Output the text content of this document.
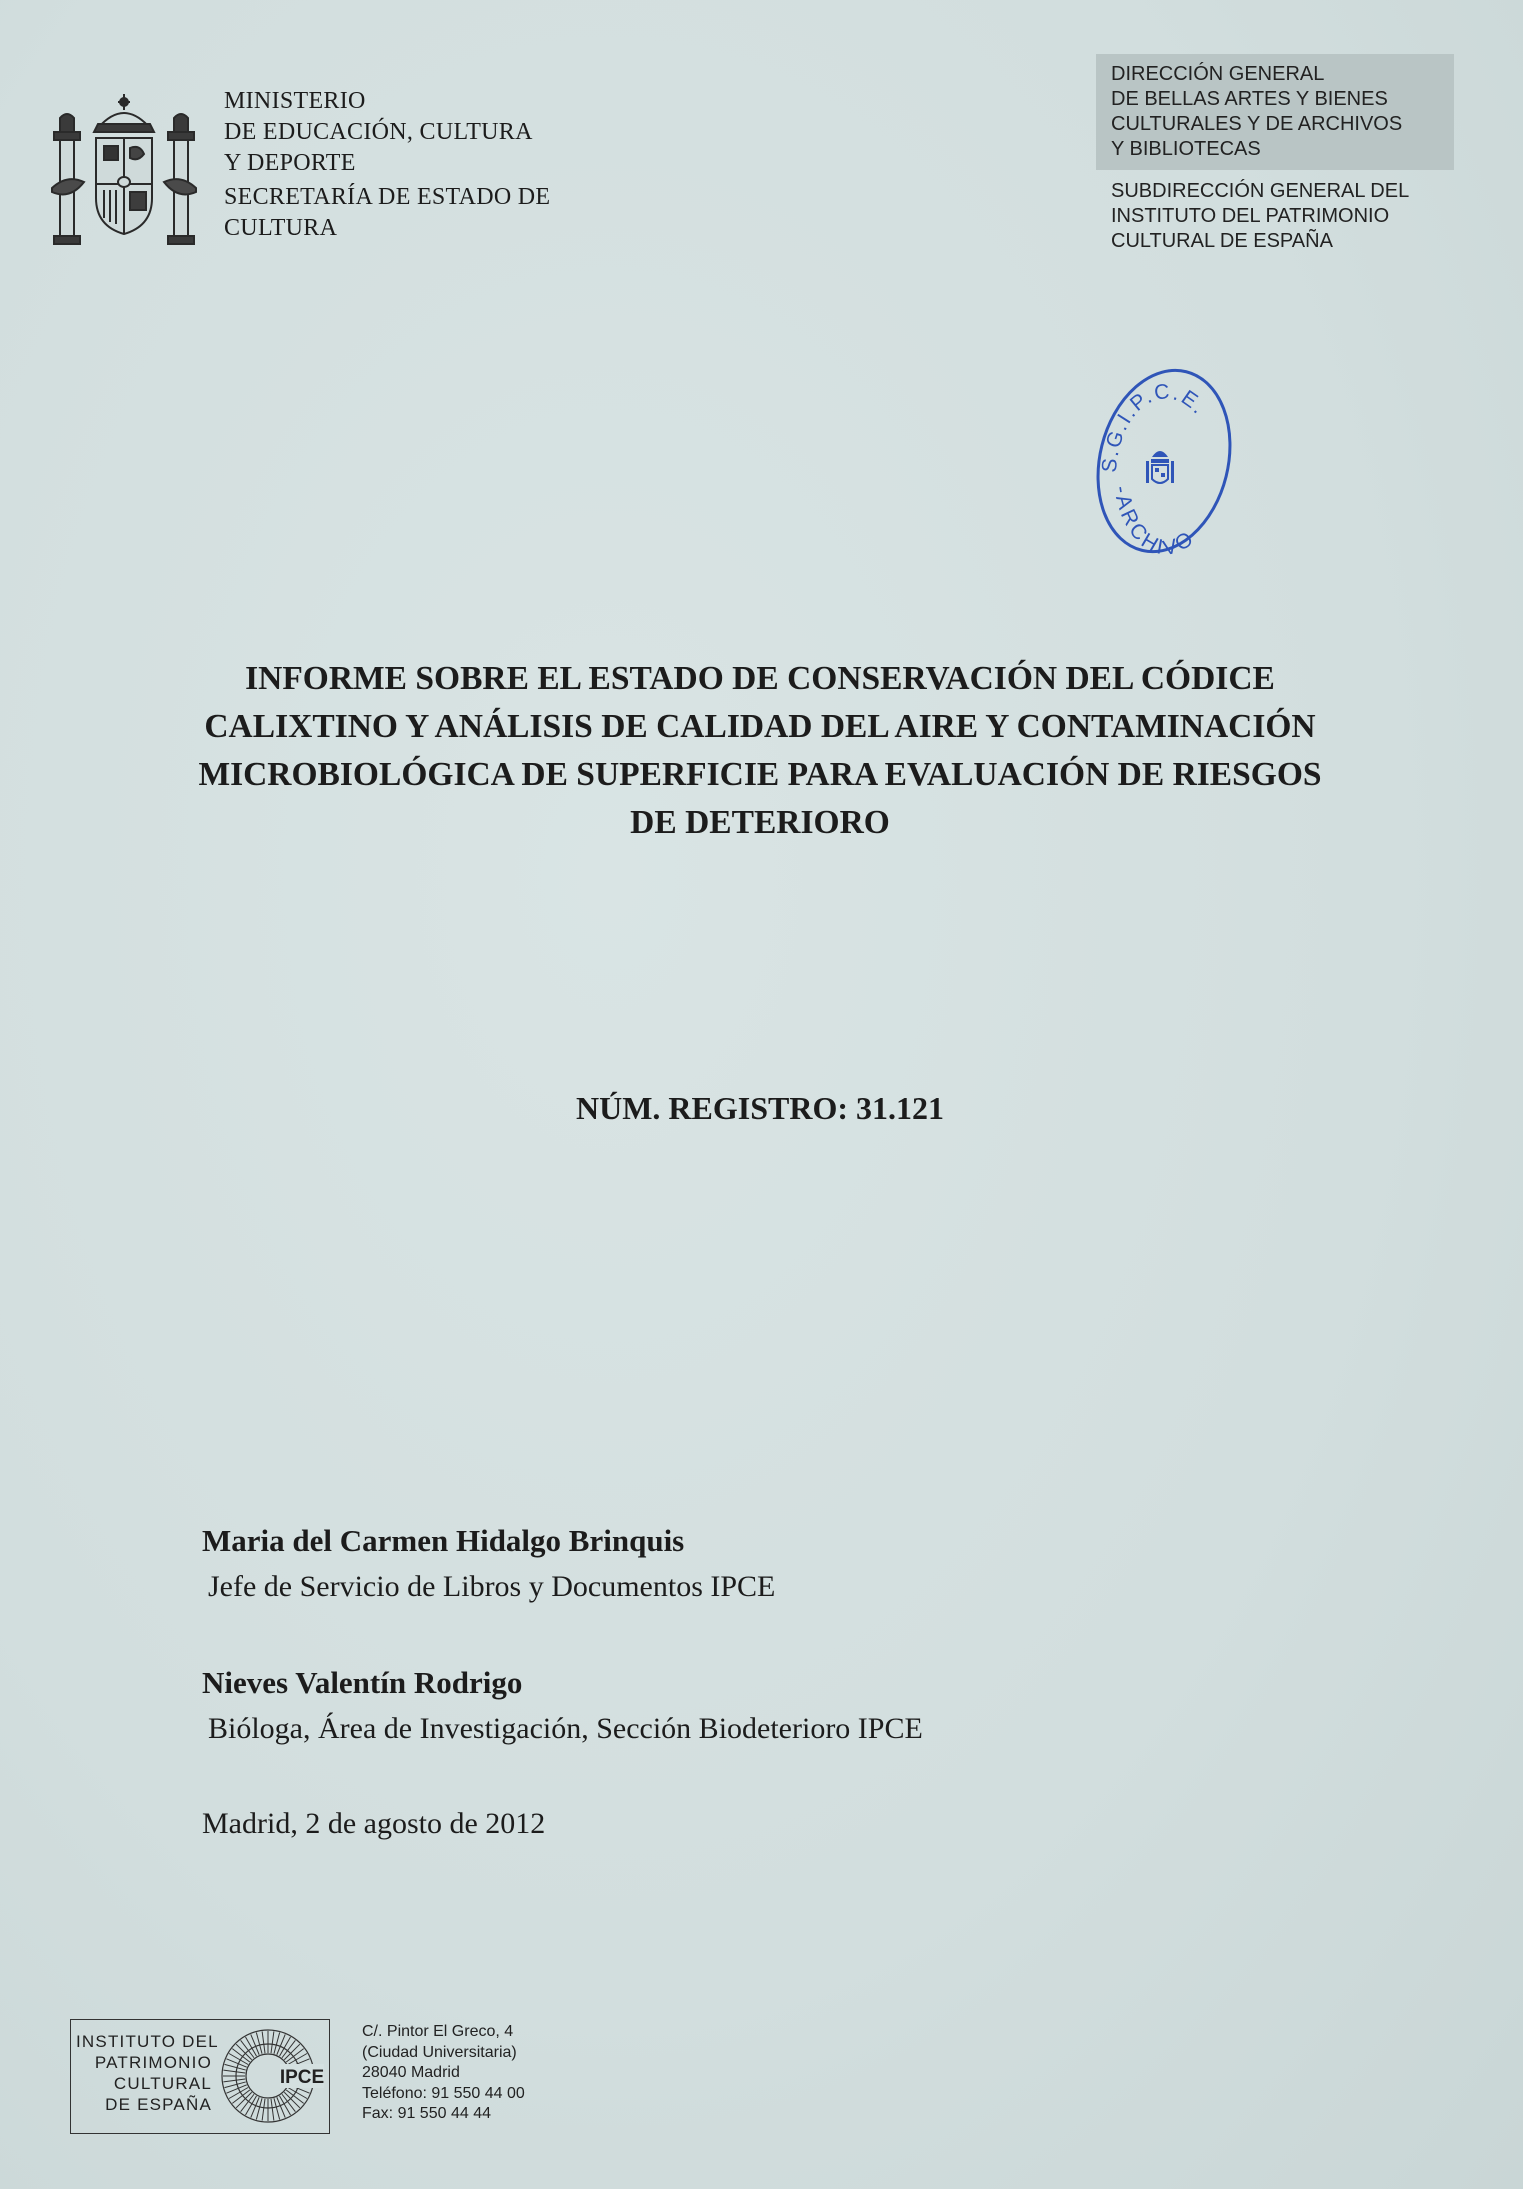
MINISTERIO
DE EDUCACIÓN, CULTURA
Y DEPORTE
SECRETARÍA DE ESTADO DE
CULTURA
DIRECCIÓN GENERAL
DE BELLAS ARTES Y BIENES
CULTURALES Y DE ARCHIVOS
Y BIBLIOTECAS
SUBDIRECCIÓN GENERAL DEL
INSTITUTO DEL PATRIMONIO
CULTURAL DE ESPAÑA
S.G.I.P.C.E.
-ARCHIVO-
INFORME SOBRE EL ESTADO DE CONSERVACIÓN DEL CÓDICE
CALIXTINO Y ANÁLISIS DE CALIDAD DEL AIRE Y CONTAMINACIÓN
MICROBIOLÓGICA DE SUPERFICIE PARA EVALUACIÓN DE RIESGOS
DE DETERIORO
NÚM. REGISTRO: 31.121
Maria del Carmen Hidalgo Brinquis
Jefe de Servicio de Libros y Documentos IPCE
Nieves Valentín Rodrigo
Bióloga, Área de Investigación, Sección Biodeterioro IPCE
Madrid, 2 de agosto de 2012
INSTITUTO DEL
PATRIMONIO
CULTURAL
DE ESPAÑA
IPCE
C/. Pintor El Greco, 4
(Ciudad Universitaria)
28040 Madrid
Teléfono: 91 550 44 00
Fax: 91 550 44 44
